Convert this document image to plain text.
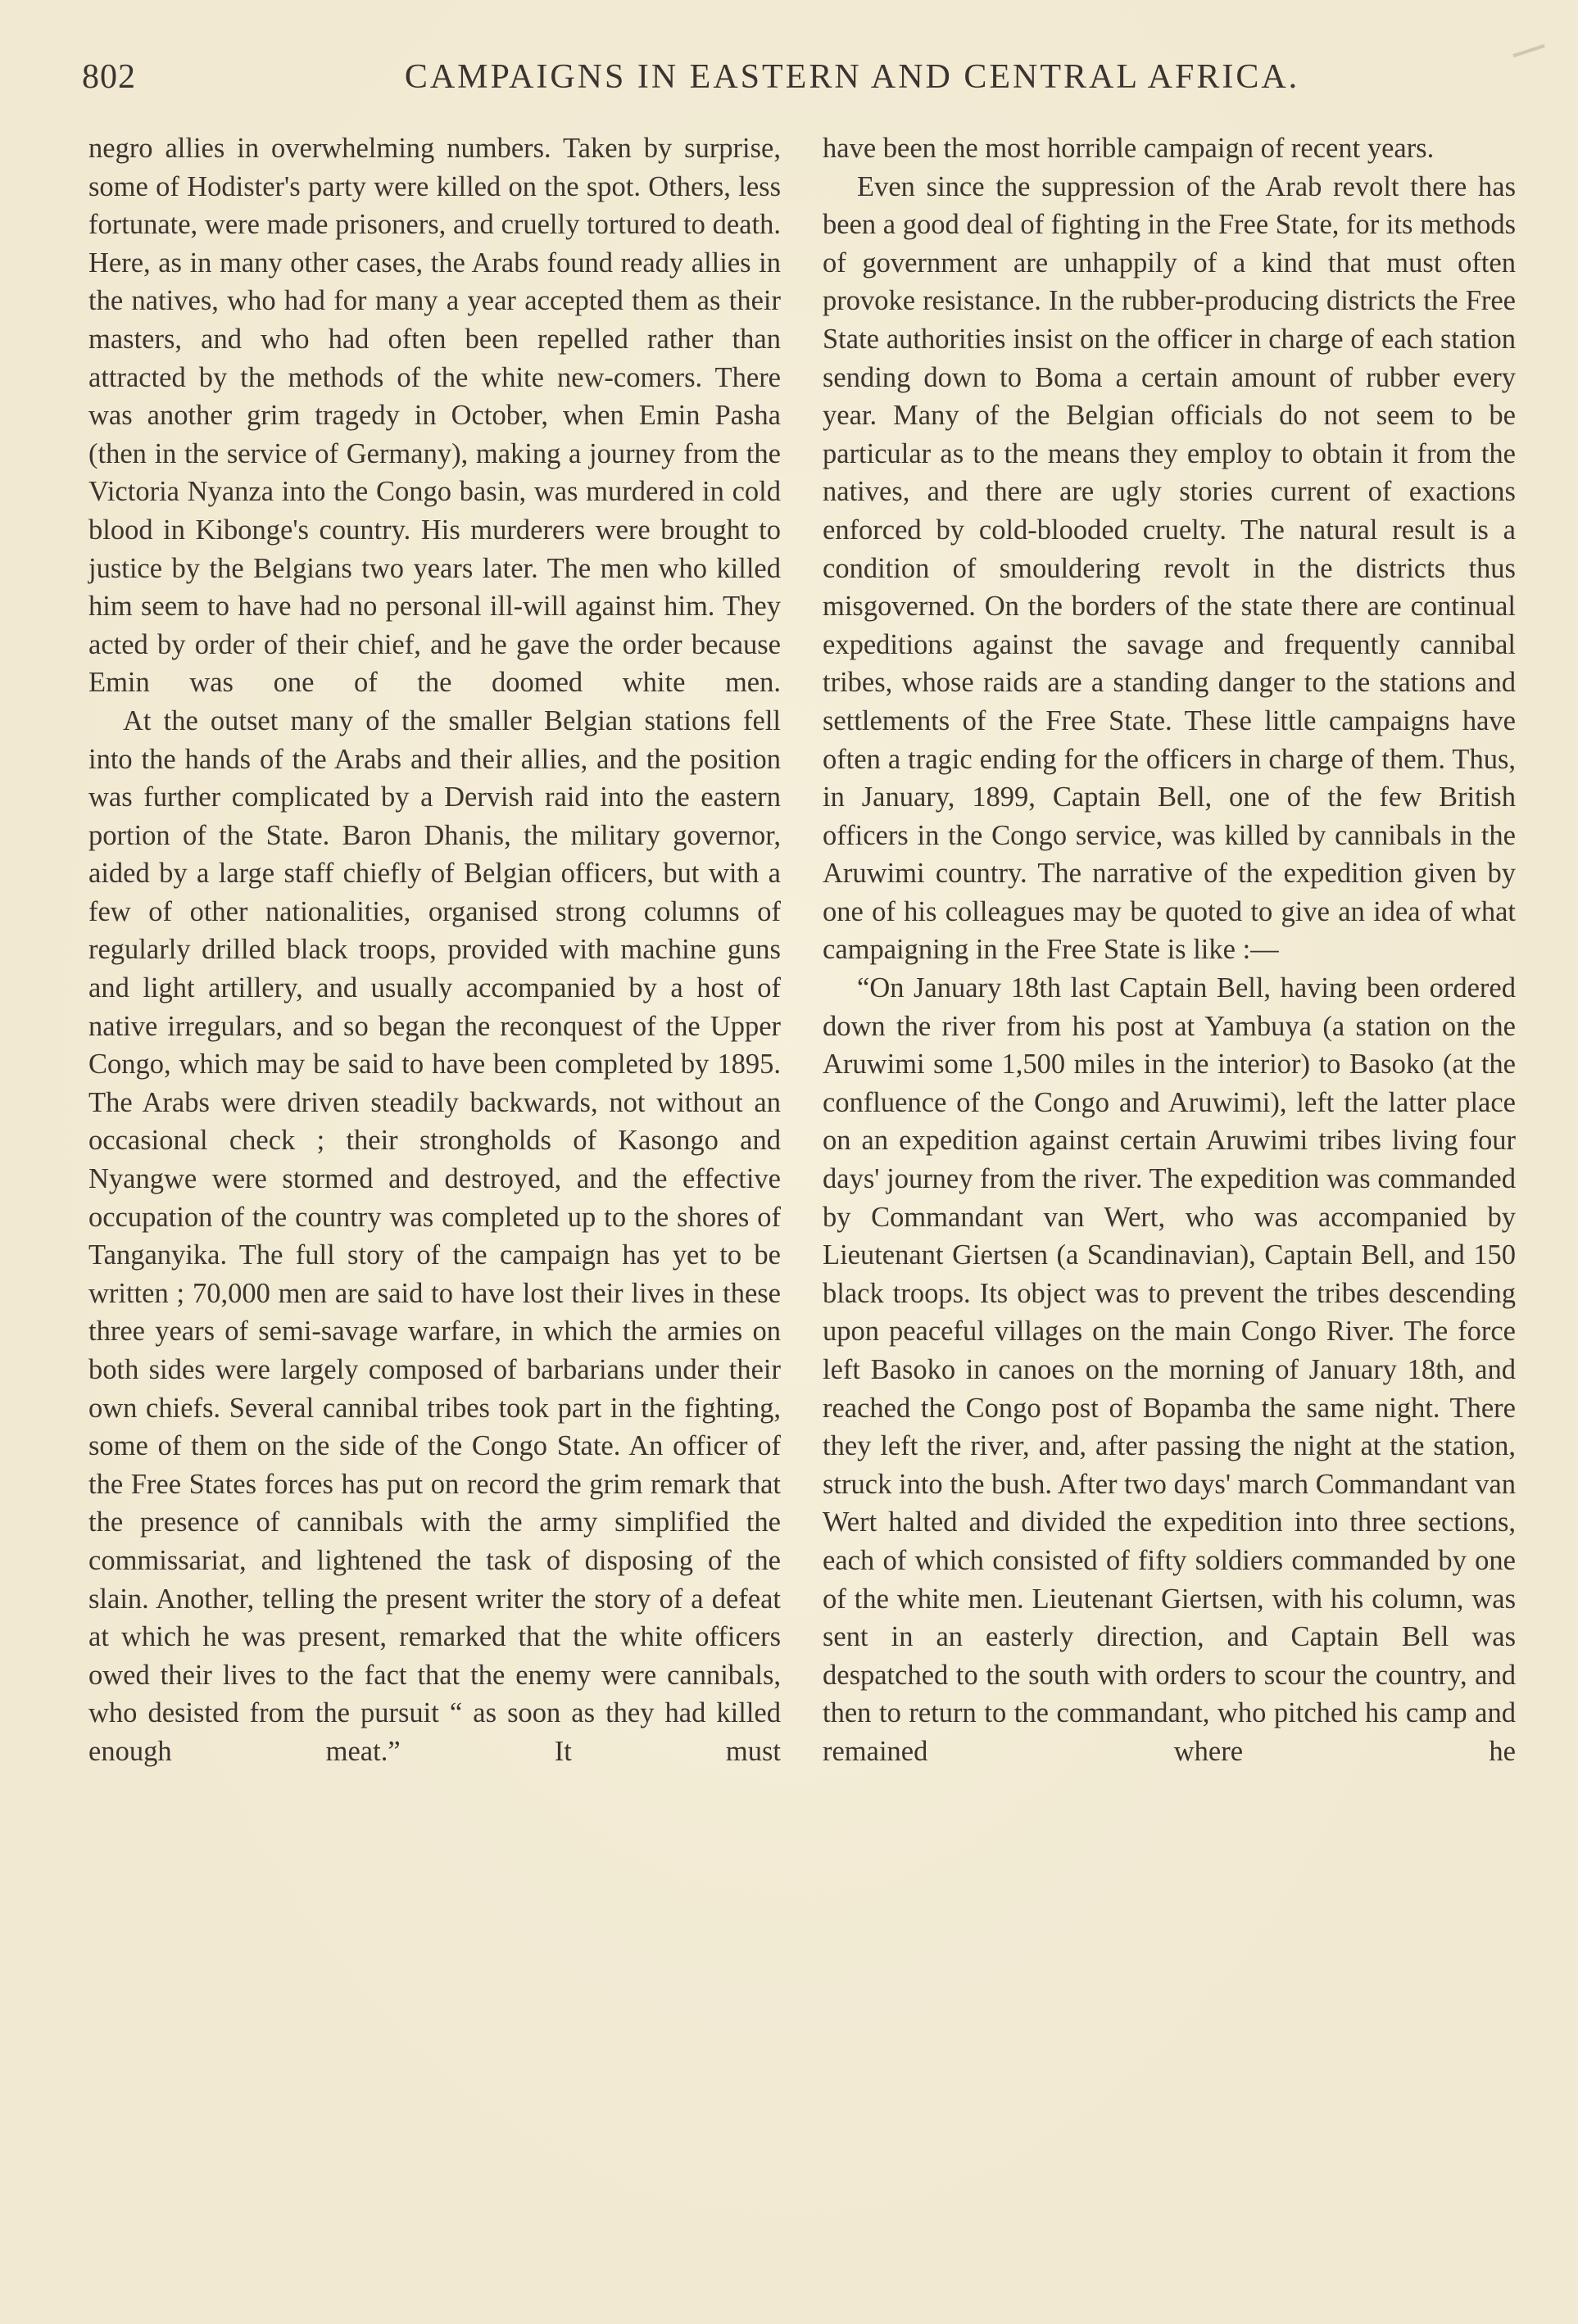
802	CAMPAIGNS IN EASTERN AND CENTRAL AFRICA.

negro allies in overwhelming numbers. Taken by surprise, some of Hodister's party were killed on the spot. Others, less fortunate, were made prisoners, and cruelly tortured to death. Here, as in many other cases, the Arabs found ready allies in the natives, who had for many a year accepted them as their masters, and who had often been repelled rather than attracted by the methods of the white new-comers. There was another grim tragedy in October, when Emin Pasha (then in the service of Germany), making a journey from the Victoria Nyanza into the Congo basin, was murdered in cold blood in Kibonge's country. His murderers were brought to justice by the Belgians two years later. The men who killed him seem to have had no personal ill-will against him. They acted by order of their chief, and he gave the order because Emin was one of the doomed white men.

At the outset many of the smaller Belgian stations fell into the hands of the Arabs and their allies, and the position was further complicated by a Dervish raid into the eastern portion of the State. Baron Dhanis, the military governor, aided by a large staff chiefly of Belgian officers, but with a few of other nationalities, organised strong columns of regularly drilled black troops, provided with machine guns and light artillery, and usually accompanied by a host of native irregulars, and so began the reconquest of the Upper Congo, which may be said to have been completed by 1895. The Arabs were driven steadily backwards, not without an occasional check ; their strongholds of Kasongo and Nyangwe were stormed and destroyed, and the effective occupation of the country was completed up to the shores of Tanganyika. The full story of the campaign has yet to be written ; 70,000 men are said to have lost their lives in these three years of semi-savage warfare, in which the armies on both sides were largely composed of barbarians under their own chiefs. Several cannibal tribes took part in the fighting, some of them on the side of the Congo State. An officer of the Free States forces has put on record the grim remark that the presence of cannibals with the army simplified the commissariat, and lightened the task of disposing of the slain. Another, telling the present writer the story of a defeat at which he was present, remarked that the white officers owed their lives to the fact that the enemy were cannibals, who desisted from the pursuit “ as soon as they had killed enough meat.” It must

have been the most horrible campaign of recent years.

Even since the suppression of the Arab revolt there has been a good deal of fighting in the Free State, for its methods of government are unhappily of a kind that must often provoke resistance. In the rubber-producing districts the Free State authorities insist on the officer in charge of each station sending down to Boma a certain amount of rubber every year. Many of the Belgian officials do not seem to be particular as to the means they employ to obtain it from the natives, and there are ugly stories current of exactions enforced by cold-blooded cruelty. The natural result is a condition of smouldering revolt in the districts thus misgoverned. On the borders of the state there are continual expeditions against the savage and frequently cannibal tribes, whose raids are a standing danger to the stations and settlements of the Free State. These little campaigns have often a tragic ending for the officers in charge of them. Thus, in January, 1899, Captain Bell, one of the few British officers in the Congo service, was killed by cannibals in the Aruwimi country. The narrative of the expedition given by one of his colleagues may be quoted to give an idea of what campaigning in the Free State is like :—

“On January 18th last Captain Bell, having been ordered down the river from his post at Yambuya (a station on the Aruwimi some 1,500 miles in the interior) to Basoko (at the confluence of the Congo and Aruwimi), left the latter place on an expedition against certain Aruwimi tribes living four days' journey from the river. The expedition was commanded by Commandant van Wert, who was accompanied by Lieutenant Giertsen (a Scandinavian), Captain Bell, and 150 black troops. Its object was to prevent the tribes descending upon peaceful villages on the main Congo River. The force left Basoko in canoes on the morning of January 18th, and reached the Congo post of Bopamba the same night. There they left the river, and, after passing the night at the station, struck into the bush. After two days' march Commandant van Wert halted and divided the expedition into three sections, each of which consisted of fifty soldiers commanded by one of the white men. Lieutenant Giertsen, with his column, was sent in an easterly direction, and Captain Bell was despatched to the south with orders to scour the country, and then to return to the commandant, who pitched his camp and remained where he
